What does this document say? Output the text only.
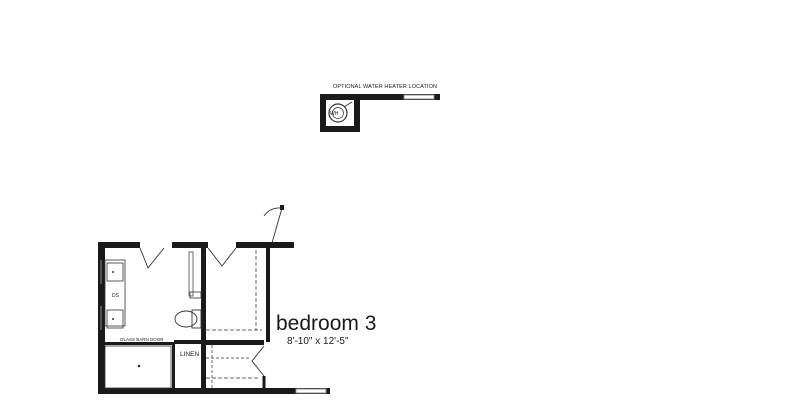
bedroom 3
8'-10" x 12'-5"
OPTIONAL WATER HEATER LOCATION
WH
DS
GLASS BARN DOOR
LINEN
